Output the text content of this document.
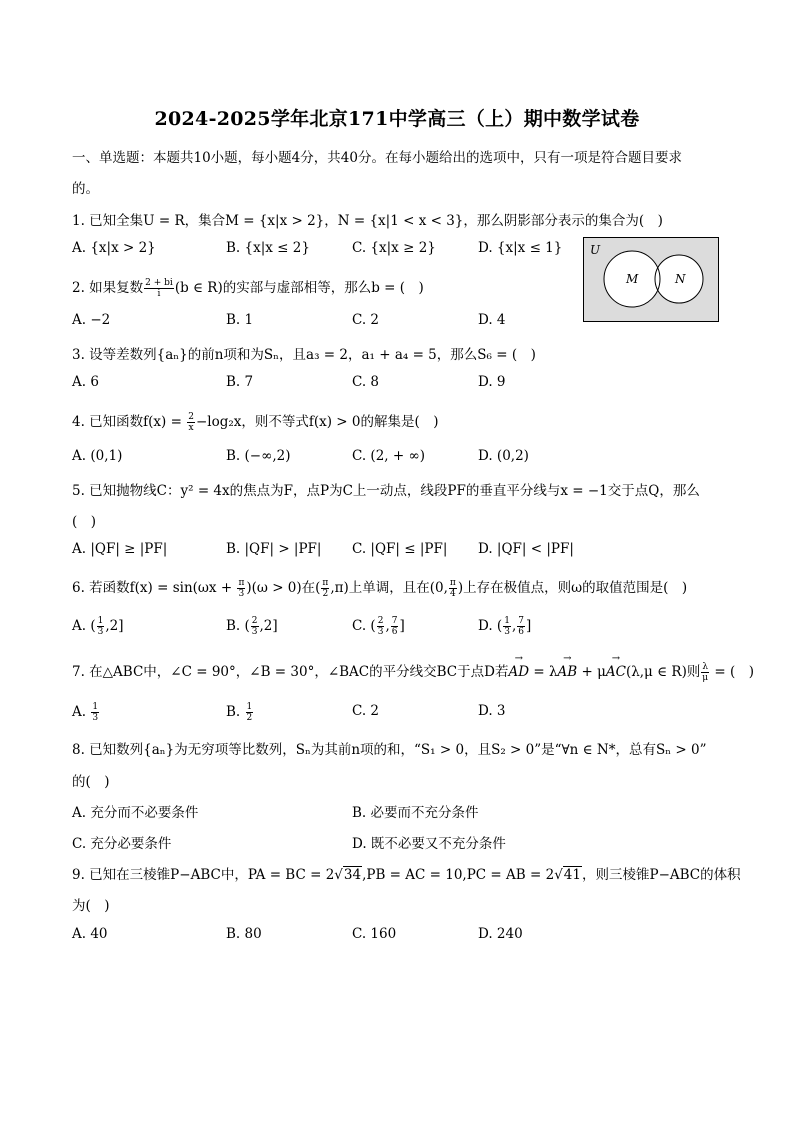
2024-2025学年北京171中学高三（上）期中数学试卷
一、单选题：本题共10小题，每小题4分，共40分。在每小题给出的选项中，只有一项是符合题目要求
的。
1. 已知全集U = R，集合M = {x|x > 2}，N = {x|1 < x < 3}，那么阴影部分表示的集合为(　)
A. {x|x > 2}	B. {x|x ≤ 2}	C. {x|x ≥ 2}	D. {x|x ≤ 1} U
M	N
2. 如果复数 $\frac{2 + bi}{i} (b$ ∈ R)的实部与虚部相等，那么b = (　)
A. −2	B. 1	C. 2	D. 4
3. 设等差数列{aₙ}的前n项和为Sₙ，且a₃ = 2，a₁ + a₄ = 5，那么S₆ = (　)
A. 6	B. 7	C. 8	D. 9
4. 已知函数$f(x) = \frac{2}{x} -\log_2x$，则不等式f(x) > 0的解集是(　)
A. (0,1)	B. (−∞,2)	C. (2, + ∞)	D. (0,2)
5. 已知抛物线C：y² = 4x的焦点为F，点P为C上一动点，线段PF的垂直平分线与x = −1交于点Q，那么
(　)
A. |QF| ≥ |PF|	B. |QF| > |PF| C. |QF| ≤ |PF| D. |QF| < |PF|
6. 若函数$f(x) = \sin(\omega x + \frac{\pi}{3} )(\omega > 0)$在( $\frac{\pi}{2} ,\pi$)上单调，且在(0, $\frac{\pi}{4}$ )上存在极值点，则ω的取值范围是(　)
A. ( $\frac{1}{3} ,2$]	B. ( $\frac{2}{3} ,2$]	C. ( $\frac{2}{3}$ , $\frac{7}{6}$ ]	D. ( $\frac{1}{3}$ , $\frac{7}{6}$ ]
7. 在△ABC中，∠C = 90°，∠B = 30°，∠BAC的平分线交BC于点D若→ AD = λ→ AB + μ→ AC(λ,μ ∈ R)则 $\frac{\lambda}{\mu}$ = (　)
A. $\frac{1}{3}$	B. $\frac{1}{2}$	C. 2	D. 3
8. 已知数列{aₙ}为无穷项等比数列，Sₙ为其前n项的和，“S₁ > 0，且S₂ > 0”是“∀n ∈ N*，总有Sₙ > 0”
的(　)
A. 充分而不必要条件	B. 必要而不充分条件
C. 充分必要条件	D. 既不必要又不充分条件
9. 已知在三棱锥P−ABC中，PA = BC = 2√34,PB = AC = 10,PC = AB = 2√41，则三棱锥P−ABC的体积
为(　)
A. 40	B. 80	C. 160	D. 240
